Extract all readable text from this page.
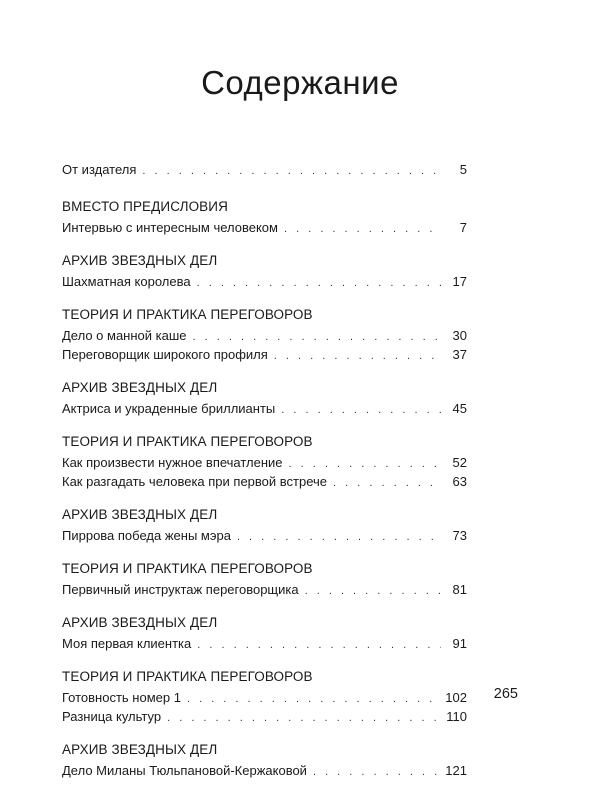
Содержание
От издателя . . .	5
ВМЕСТО ПРЕДИСЛОВИЯ
Интервью с интересным человеком . . .	7
АРХИВ ЗВЕЗДНЫХ ДЕЛ
Шахматная королева . . .	17
ТЕОРИЯ И ПРАКТИКА ПЕРЕГОВОРОВ
Дело о манной каше . . .	30
Переговорщик широкого профиля . . .	37
АРХИВ ЗВЕЗДНЫХ ДЕЛ
Актриса и украденные бриллианты . . .	45
ТЕОРИЯ И ПРАКТИКА ПЕРЕГОВОРОВ
Как произвести нужное впечатление . . .	52
Как разгадать человека при первой встрече . . .	63
АРХИВ ЗВЕЗДНЫХ ДЕЛ
Пиррова победа жены мэра . . .	73
ТЕОРИЯ И ПРАКТИКА ПЕРЕГОВОРОВ
Первичный инструктаж переговорщика . . .	81
АРХИВ ЗВЕЗДНЫХ ДЕЛ
Моя первая клиентка . . .	91
ТЕОРИЯ И ПРАКТИКА ПЕРЕГОВОРОВ
Готовность номер 1 . . .	102
Разница культур . . .	110
АРХИВ ЗВЕЗДНЫХ ДЕЛ
Дело Миланы Тюльпановой-Кержаковой . . .	121
265
